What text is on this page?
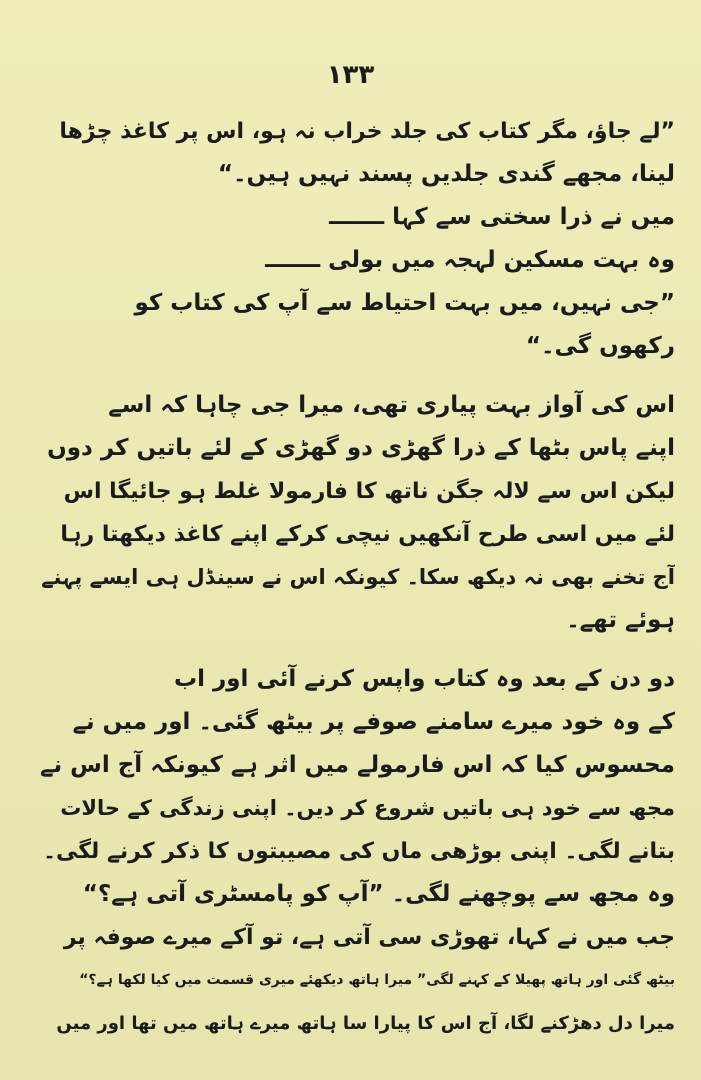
۱۳۳
”لے جاؤ، مگر کتاب کی جلد خراب نہ ہو، اس پر کاغذ چڑھا
لینا، مجھے گندی جلدیں پسند نہیں ہیں۔“
میں نے ذرا سختی سے کہا ـــــــ
وہ بہت مسکین لہجہ میں بولی ـــــــ
”جی نہیں، میں بہت احتیاط سے آپ کی کتاب کو
رکھوں گی۔“
اس کی آواز بہت پیاری تھی، میرا جی چاہا کہ اسے
اپنے پاس بٹھا کے ذرا گھڑی دو گھڑی کے لئے باتیں کر دوں
لیکن اس سے لالہ جگن ناتھ کا فارمولا غلط ہو جائیگا اس
لئے میں اسی طرح آنکھیں نیچی کرکے اپنے کاغذ دیکھتا رہا
آج تخنے بھی نہ دیکھ سکا۔ کیونکہ اس نے سینڈل ہی ایسے پہنے
ہوئے تھے۔
دو دن کے بعد وہ کتاب واپس کرنے آئی اور اب
کے وہ خود میرے سامنے صوفے پر بیٹھ گئی۔ اور میں نے
محسوس کیا کہ اس فارمولے میں اثر ہے کیونکہ آج اس نے
مجھ سے خود ہی باتیں شروع کر دیں۔ اپنی زندگی کے حالات
بتانے لگی۔ اپنی بوڑھی ماں کی مصیبتوں کا ذکر کرنے لگی۔
وہ مجھ سے پوچھنے لگی۔ ”آپ کو پامسٹری آتی ہے؟“
جب میں نے کہا، تھوڑی سی آتی ہے، تو آکے میرے صوفہ پر
بیٹھ گئی اور ہاتھ پھیلا کے کہنے لگی” میرا ہاتھ دیکھئے میری قسمت میں کیا لکھا ہے؟“
میرا دل دھڑکنے لگا، آج اس کا پیارا سا ہاتھ میرے ہاتھ میں تھا اور میں
